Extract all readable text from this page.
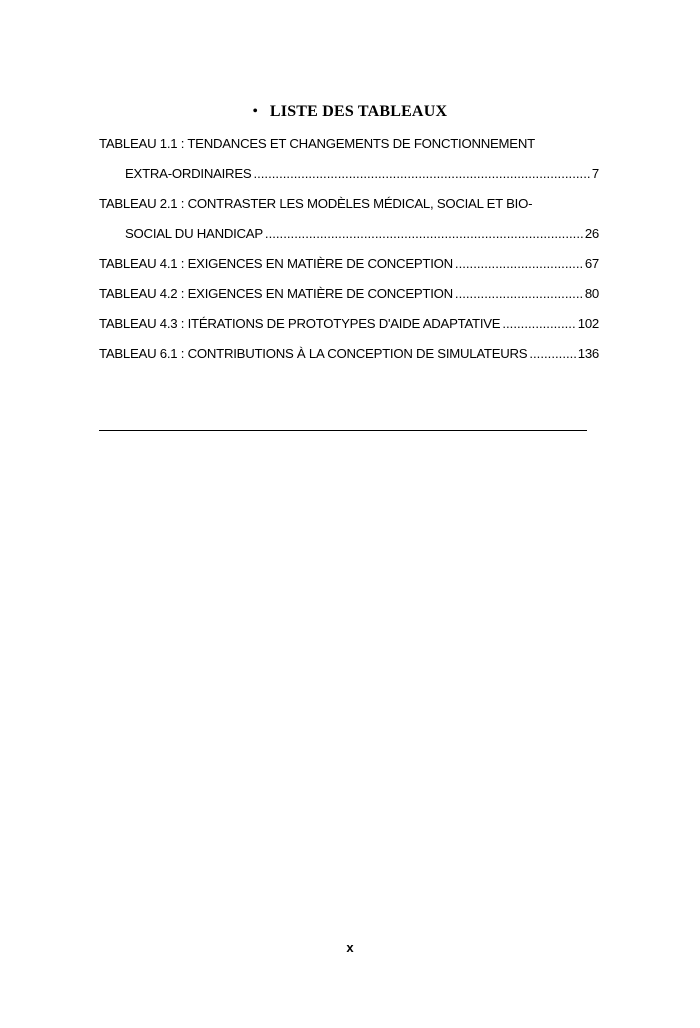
• LISTE DES TABLEAUX
TABLEAU 1.1 : TENDANCES ET CHANGEMENTS DE FONCTIONNEMENT
EXTRA-ORDINAIRES .....	7
TABLEAU 2.1 : CONTRASTER LES MODÈLES MÉDICAL, SOCIAL ET BIO-
SOCIAL DU HANDICAP .....	26
TABLEAU 4.1 : EXIGENCES EN MATIÈRE DE CONCEPTION .....	67
TABLEAU 4.2 : EXIGENCES EN MATIÈRE DE CONCEPTION .....	80
TABLEAU 4.3 : ITÉRATIONS DE PROTOTYPES D'AIDE ADAPTATIVE .....	102
TABLEAU 6.1 : CONTRIBUTIONS À LA CONCEPTION DE SIMULATEURS .....	136
x
